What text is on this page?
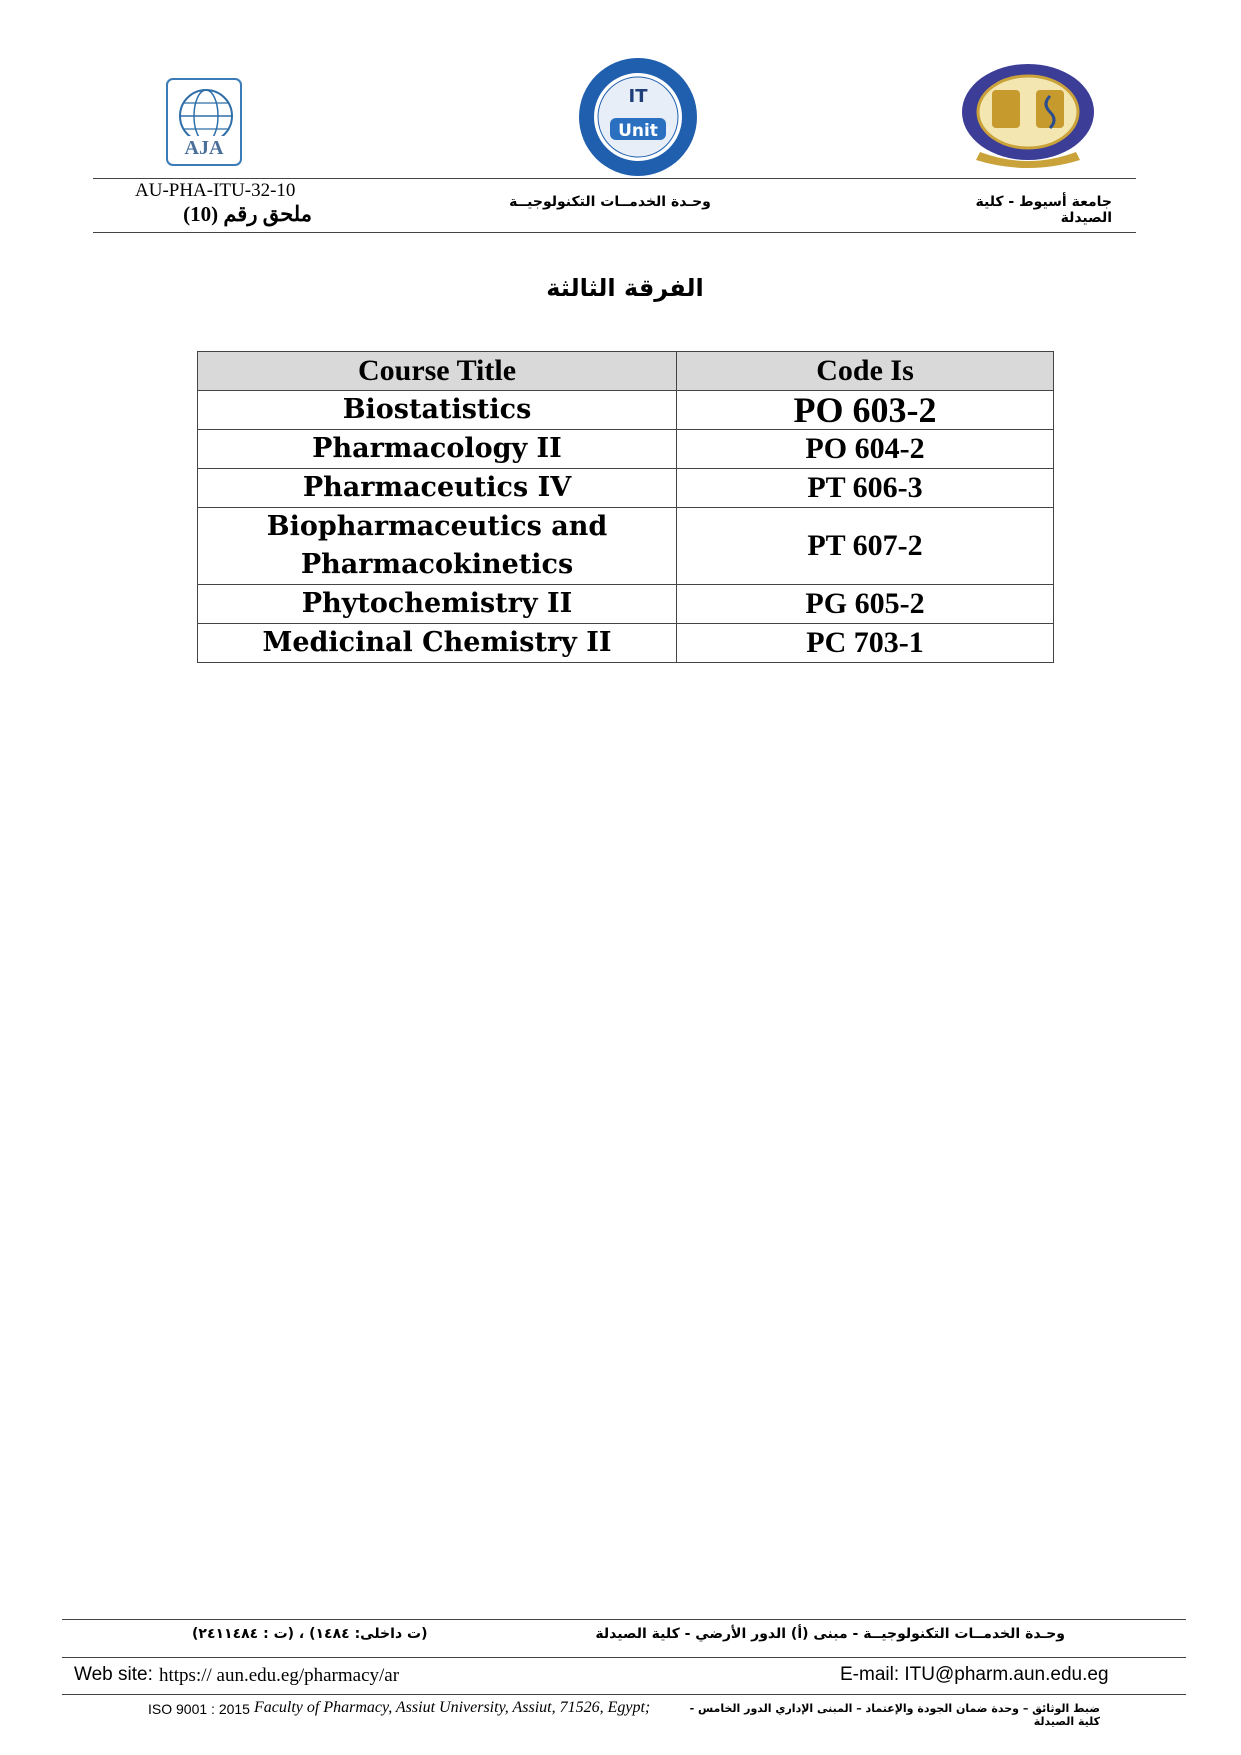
AJA
IT
Unit
AU-PHA-ITU-32-10
ملحق رقم (10)	وحـدة الخدمــات التكنولوجيــة	جامعة أسيوط - كلية الصيدلة
الفرقة الثالثة
Course Title	Code Is
Biostatistics	PO 603-2
Pharmacology II	PO 604-2
Pharmaceutics IV	PT 606-3

Biopharmaceutics and
Pharmacokinetics	PT 607-2
Phytochemistry II	PG 605-2
Medicinal Chemistry II	PC 703-1
وحـدة الخدمــات التكنولوجيــة - مبنى (أ) الدور الأرضي - كلية الصيدلة
(ت داخلى: ١٤٨٤) ، (ت : ٢٤١١٤٨٤)
Web site: https:// aun.edu.eg/pharmacy/ar	E-mail: ITU@pharm.aun.edu.eg
ISO 9001 : 2015 Faculty of Pharmacy, Assiut University, Assiut, 71526, Egypt;	ضبط الوثائق – وحدة ضمان الجودة والإعتماد – المبنى الإداري الدور الخامس - كلية الصيدلة
